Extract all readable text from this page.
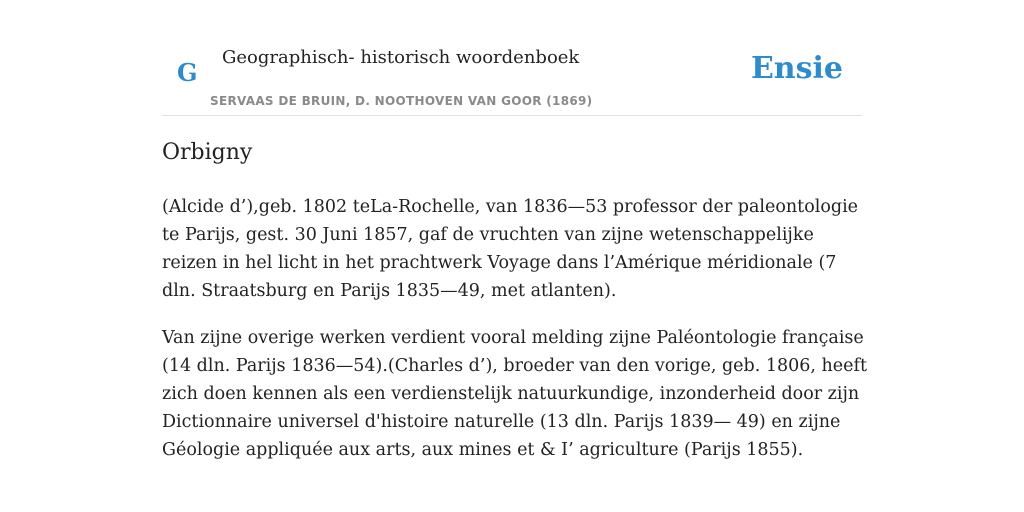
G
Geographisch- historisch woordenboek
SERVAAS DE BRUIN, D. NOOTHOVEN VAN GOOR (1869)
Ensie
Orbigny

(Alcide d’),geb. 1802 teLa-Rochelle, van 1836—53 professor der paleontologie te Parijs, gest. 30 Juni 1857, gaf de vruchten van zijne wetenschappelijke reizen in hel licht in het prachtwerk Voyage dans l’Amérique méridionale (7 dln. Straatsburg en Parijs 1835—49, met atlanten).

Van zijne overige werken verdient vooral melding zijne Paléontologie française (14 dln. Parijs 1836—54).(Charles d’), broeder van den vorige, geb. 1806, heeft zich doen kennen als een verdienstelijk natuurkundige, inzonderheid door zijn Dictionnaire universel d'histoire naturelle (13 dln. Parijs 1839— 49) en zijne Géologie appliquée aux arts, aux mines et & I’ agriculture (Parijs 1855).
